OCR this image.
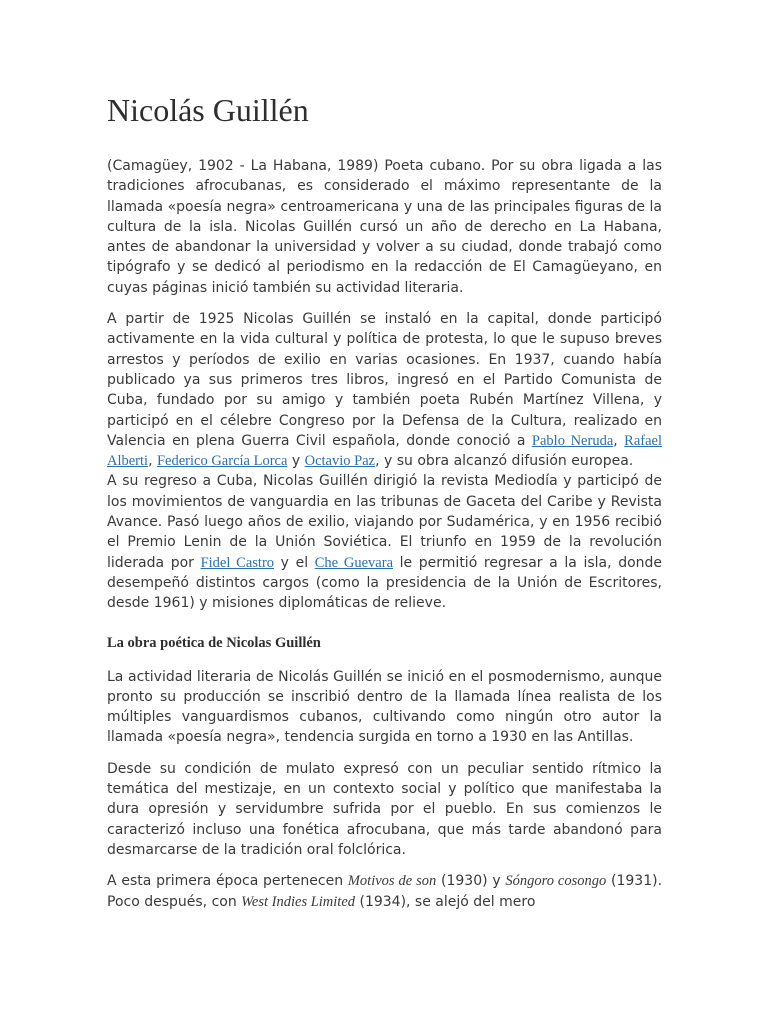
Nicolás Guillén

(Camagüey, 1902 - La Habana, 1989) Poeta cubano. Por su obra ligada a las tradiciones afrocubanas, es considerado el máximo representante de la llamada «poesía negra» centroamericana y una de las principales figuras de la cultura de la isla. Nicolas Guillén cursó un año de derecho en La Habana, antes de abandonar la universidad y volver a su ciudad, donde trabajó como tipógrafo y se dedicó al periodismo en la redacción de El Camagüeyano, en cuyas páginas inició también su actividad literaria.

A partir de 1925 Nicolas Guillén se instaló en la capital, donde participó activamente en la vida cultural y política de protesta, lo que le supuso breves arrestos y períodos de exilio en varias ocasiones. En 1937, cuando había publicado ya sus primeros tres libros, ingresó en el Partido Comunista de Cuba, fundado por su amigo y también poeta Rubén Martínez Villena, y participó en el célebre Congreso por la Defensa de la Cultura, realizado en Valencia en plena Guerra Civil española, donde conoció a Pablo Neruda, Rafael Alberti, Federico García Lorca y Octavio Paz, y su obra alcanzó difusión europea.
A su regreso a Cuba, Nicolas Guillén dirigió la revista Mediodía y participó de los movimientos de vanguardia en las tribunas de Gaceta del Caribe y Revista Avance. Pasó luego años de exilio, viajando por Sudamérica, y en 1956 recibió el Premio Lenin de la Unión Soviética. El triunfo en 1959 de la revolución liderada por Fidel Castro y el Che Guevara le permitió regresar a la isla, donde desempeñó distintos cargos (como la presidencia de la Unión de Escritores, desde 1961) y misiones diplomáticas de relieve.

La obra poética de Nicolas Guillén

La actividad literaria de Nicolás Guillén se inició en el posmodernismo, aunque pronto su producción se inscribió dentro de la llamada línea realista de los múltiples vanguardismos cubanos, cultivando como ningún otro autor la llamada «poesía negra», tendencia surgida en torno a 1930 en las Antillas.

Desde su condición de mulato expresó con un peculiar sentido rítmico la temática del mestizaje, en un contexto social y político que manifestaba la dura opresión y servidumbre sufrida por el pueblo. En sus comienzos le caracterizó incluso una fonética afrocubana, que más tarde abandonó para desmarcarse de la tradición oral folclórica.

A esta primera época pertenecen Motivos de son (1930) y Sóngoro cosongo (1931). Poco después, con West Indies Limited (1934), se alejó del mero
